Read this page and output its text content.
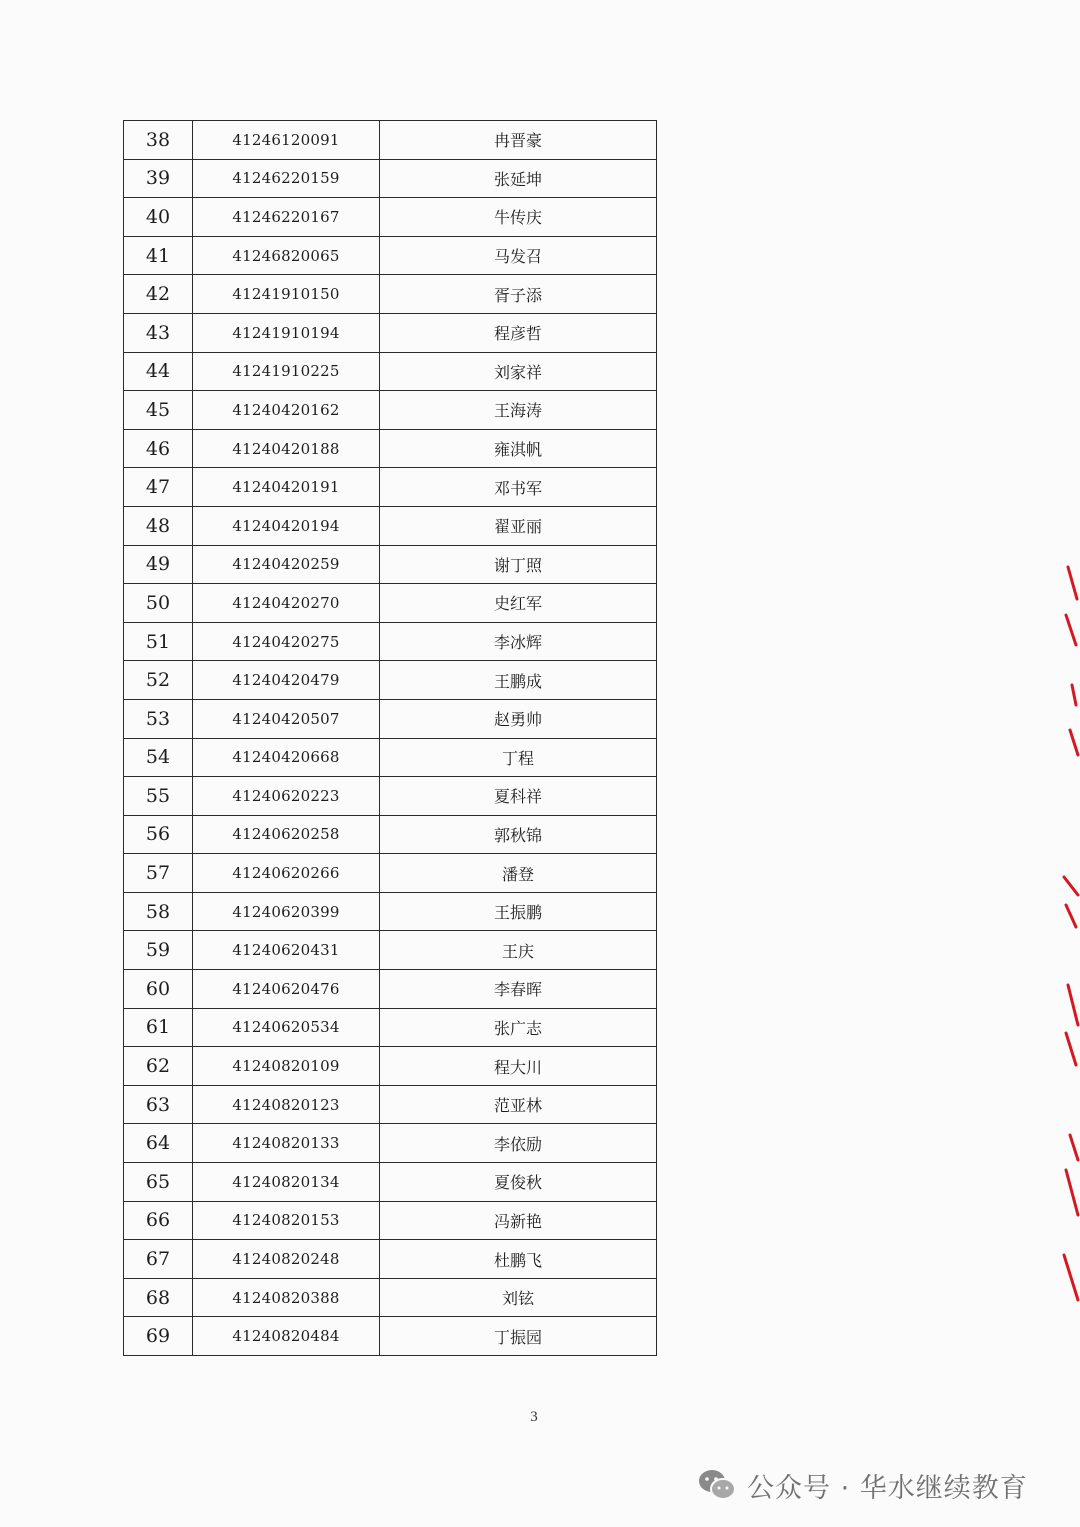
38	41246120091	冉晋豪
39	41246220159	张延坤
40	41246220167	牛传庆
41	41246820065	马发召
42	41241910150	胥子添
43	41241910194	程彦哲
44	41241910225	刘家祥
45	41240420162	王海涛
46	41240420188	雍淇帆
47	41240420191	邓书军
48	41240420194	翟亚丽
49	41240420259	谢丁照
50	41240420270	史红军
51	41240420275	李冰辉
52	41240420479	王鹏成
53	41240420507	赵勇帅
54	41240420668	丁程
55	41240620223	夏科祥
56	41240620258	郭秋锦
57	41240620266	潘登
58	41240620399	王振鹏
59	41240620431	王庆
60	41240620476	李春晖
61	41240620534	张广志
62	41240820109	程大川
63	41240820123	范亚林
64	41240820133	李依励
65	41240820134	夏俊秋
66	41240820153	冯新艳
67	41240820248	杜鹏飞
68	41240820388	刘铉
69	41240820484	丁振园
3
公众号 · 华水继续教育
